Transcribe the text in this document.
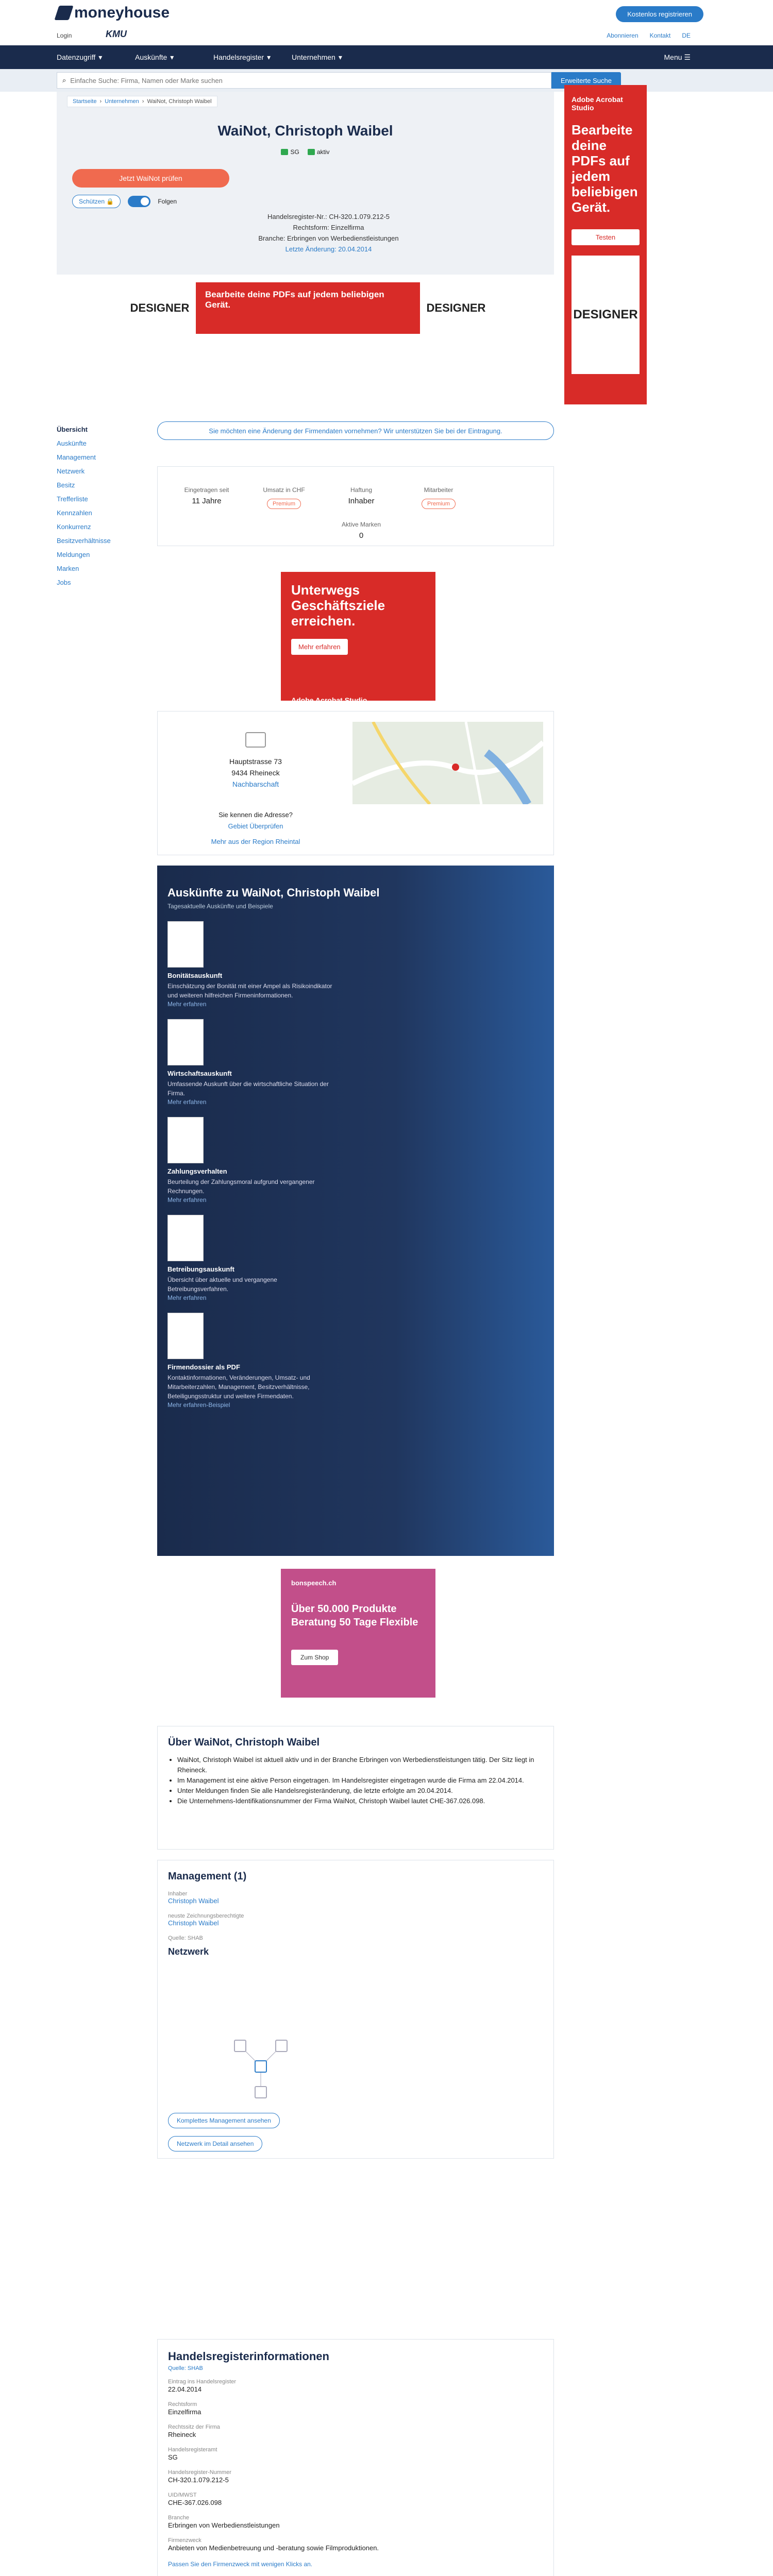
moneyhouse
Login	KMU
Kostenlos registrieren
Abonnieren Kontakt DE
Datenzugriff ▾	Auskünfte ▾	Handelsregister ▾	Unternehmen ▾	Menu ☰
⌕
Einfache Suche: Firma, Namen oder Marke suchen	Erweiterte Suche
Startseite › Unternehmen › WaiNot, Christoph Waibel
WaiNot, Christoph Waibel
SG	aktiv
Jetzt WaiNot prüfen
Schützen 🔒	Folgen
Handelsregister-Nr.: CH-320.1.079.212-5
Rechtsform: Einzelfirma
Branche: Erbringen von Werbedienstleistungen
Letzte Änderung: 20.04.2014
DESIGNER
Bearbeite deine PDFs auf jedem beliebigen Gerät.	DESIGNER
Adobe Acrobat Studio
Bearbeite deine PDFs auf jedem beliebigen Gerät.
Testen
DESIGNER
Übersicht
Auskünfte
Management
Netzwerk
Besitz
Trefferliste
Kennzahlen
Konkurrenz
Besitzverhältnisse
Meldungen
Marken
Jobs
Sie möchten eine Änderung der Firmendaten vornehmen? Wir unterstützen Sie bei der Eintragung.
Eingetragen seit
11 Jahre
Umsatz in CHF
Premium
Haftung
Inhaber
Mitarbeiter
Premium
Aktive Marken
0
Unterwegs Geschäftsziele erreichen.
Mehr erfahren
Adobe Acrobat Studio
Hauptstrasse 73
9434 Rheineck
Nachbarschaft
Sie kennen die Adresse?
Gebiet Überprüfen
Mehr aus der Region Rheintal
Auskünfte zu WaiNot, Christoph Waibel
Tagesaktuelle Auskünfte und Beispiele
Bonitätsauskunft
Einschätzung der Bonität mit einer Ampel als Risikoindikator und weiteren hilfreichen Firmeninformationen.
Mehr erfahren
Wirtschaftsauskunft
Umfassende Auskunft über die wirtschaftliche Situation der Firma.
Mehr erfahren
Zahlungsverhalten
Beurteilung der Zahlungsmoral aufgrund vergangener Rechnungen.
Mehr erfahren
Betreibungsauskunft
Übersicht über aktuelle und vergangene Betreibungsverfahren.
Mehr erfahren
Firmendossier als PDF
Kontaktinformationen, Veränderungen, Umsatz- und Mitarbeiterzahlen, Management, Besitzverhältnisse, Beteiligungsstruktur und weitere Firmendaten.
Mehr erfahren-Beispiel
bonspeech.ch
Über 50.000 Produkte Beratung 50 Tage Flexible
Zum Shop
Über WaiNot, Christoph Waibel
• WaiNot, Christoph Waibel ist aktuell aktiv und in der Branche Erbringen von Werbedienstleistungen tätig. Der Sitz liegt in Rheineck.
• Im Management ist eine aktive Person eingetragen. Im Handelsregister eingetragen wurde die Firma am 22.04.2014.
• Unter Meldungen finden Sie alle Handelsregisteränderung, die letzte erfolgte am 20.04.2014.
• Die Unternehmens-Identifikationsnummer der Firma WaiNot, Christoph Waibel lautet CHE-367.026.098.
Management (1)
Inhaber
Christoph Waibel
neuste Zeichnungsberechtigte
Christoph Waibel
Quelle: SHAB
Netzwerk
Komplettes Management ansehen
Netzwerk im Detail ansehen
Handelsregisterinformationen
Quelle: SHAB
Eintrag ins Handelsregister
22.04.2014
Rechtsform
Einzelfirma
Rechtssitz der Firma
Rheineck
Handelsregisteramt
SG
Handelsregister-Nummer
CH-320.1.079.212-5
UID/MWST
CHE-367.026.098
Branche
Erbringen von Werbedienstleistungen
Firmenzweck
Anbieten von Medienbetreuung und -beratung sowie Filmproduktionen.
Passen Sie den Firmenzweck mit wenigen Klicks an.
